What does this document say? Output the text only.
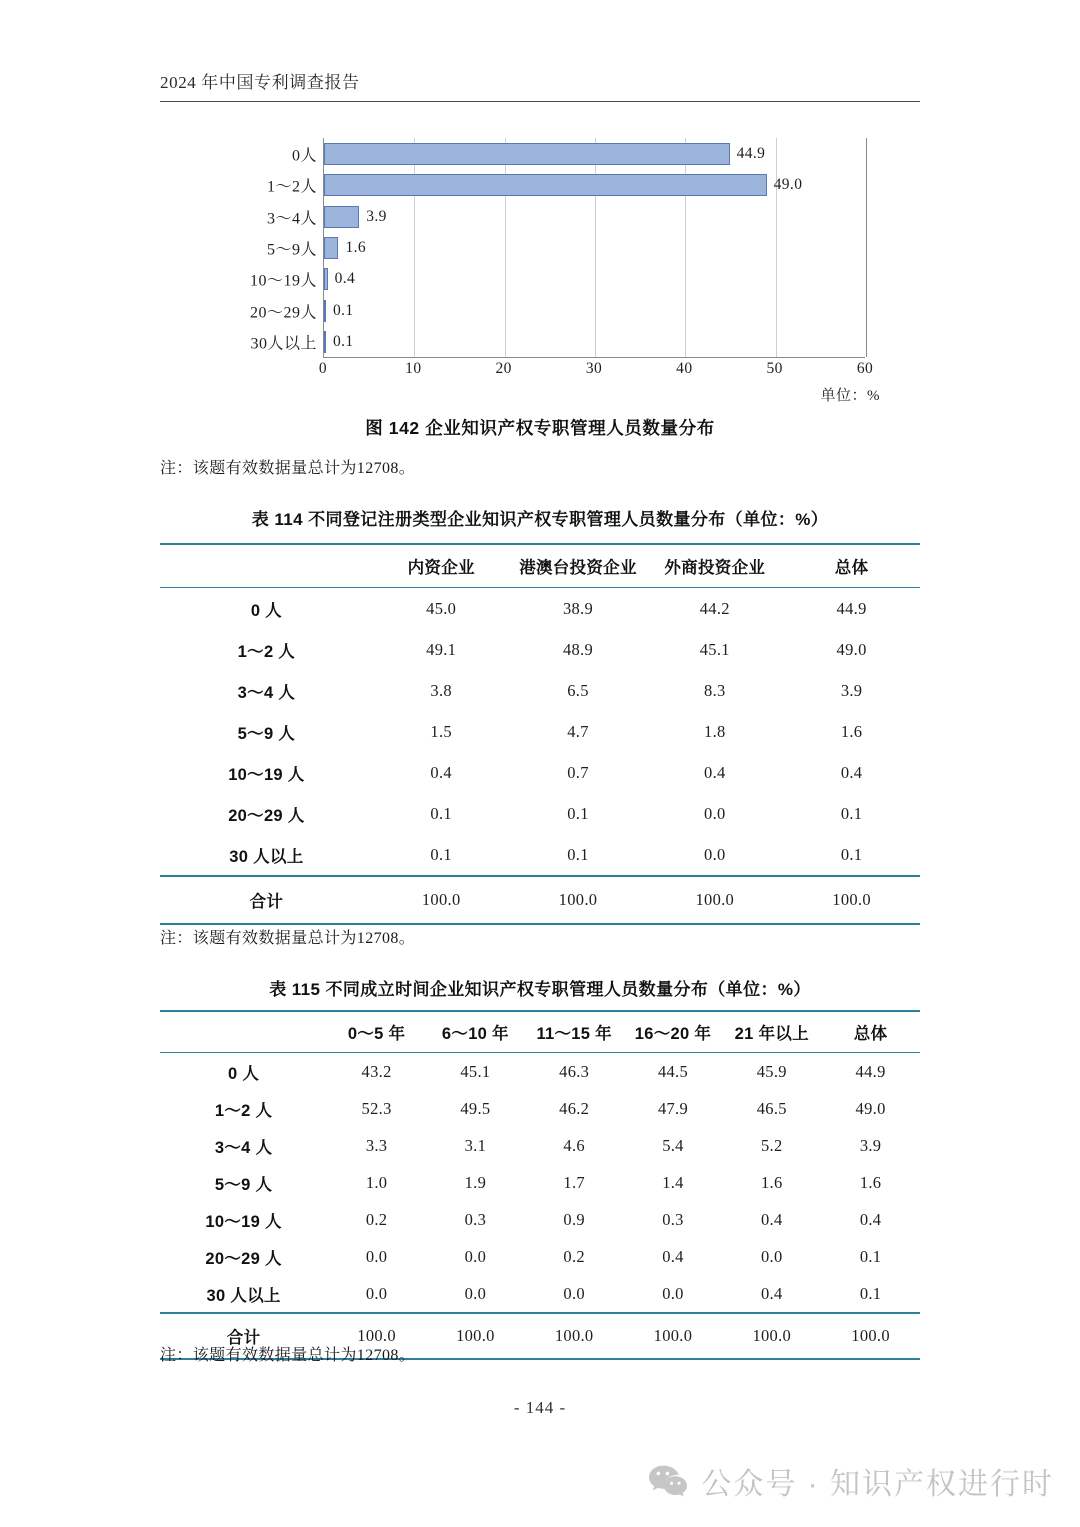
2024 年中国专利调查报告
0人
1～2人
3～4人
5～9人
10～19人
20～29人
30人以上
44.9
49.0
3.9
1.6
0.4
0.1
0.1
0	10	20	30	40	50	60
单位：%
图 142 企业知识产权专职管理人员数量分布
注：该题有效数据量总计为12708。
表 114 不同登记注册类型企业知识产权专职管理人员数量分布（单位：%）
	内资企业	港澳台投资企业	外商投资企业	总体
0 人	45.0	38.9	44.2	44.9
1～2 人	49.1	48.9	45.1	49.0
3～4 人	3.8	6.5	8.3	3.9
5～9 人	1.5	4.7	1.8	1.6
10～19 人	0.4	0.7	0.4	0.4
20～29 人	0.1	0.1	0.0	0.1
30 人以上	0.1	0.1	0.0	0.1
合计	100.0	100.0	100.0	100.0

注：该题有效数据量总计为12708。
表 115 不同成立时间企业知识产权专职管理人员数量分布（单位：%）
	0～5 年	6～10 年	11～15 年	16～20 年	21 年以上	总体
0 人	43.2	45.1	46.3	44.5	45.9	44.9
1～2 人	52.3	49.5	46.2	47.9	46.5	49.0
3～4 人	3.3	3.1	4.6	5.4	5.2	3.9
5～9 人	1.0	1.9	1.7	1.4	1.6	1.6
10～19 人	0.2	0.3	0.9	0.3	0.4	0.4
20～29 人	0.0	0.0	0.2	0.4	0.0	0.1
30 人以上	0.0	0.0	0.0	0.0	0.4	0.1
合计	100.0	100.0	100.0	100.0	100.0	100.0

注：该题有效数据量总计为12708。
- 144 -
公众号 · 知识产权进行时
